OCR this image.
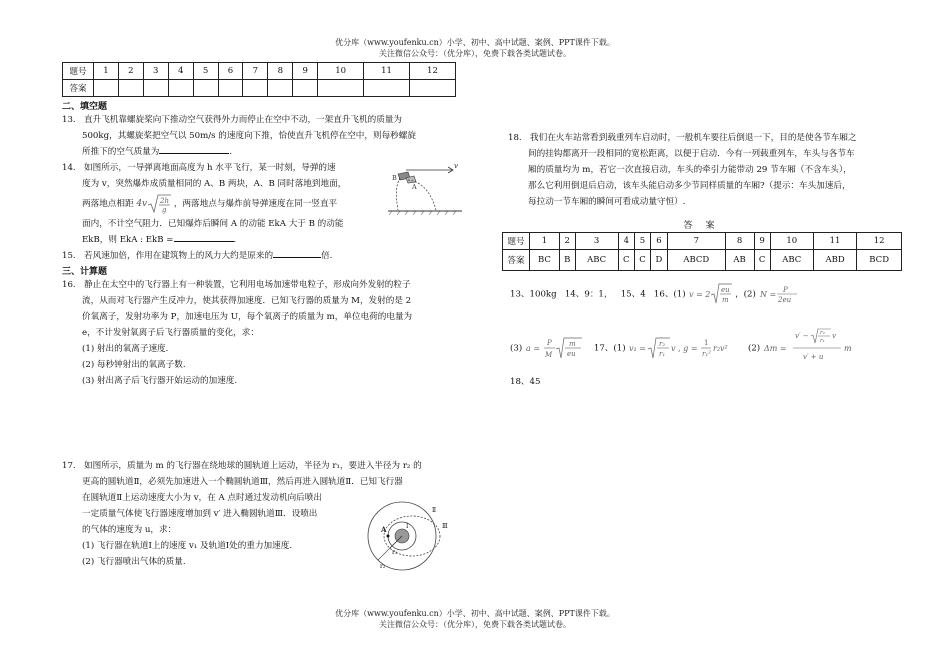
优分库（www.youfenku.cn）小学、初中、高中试题、案例、PPT课件下载。
关注微信公众号：（优分库），免费下载各类试题试卷。
题号	1	2	3	4	5	6	7	8	9	10	11	12
答案												
二、填空题
13. 直升飞机靠螺旋桨向下推动空气获得外力而停止在空中不动，一架直升飞机的质量为
500kg，其螺旋桨把空气以 50m/s 的速度向下推，恰使直升飞机停在空中，则每秒螺旋
所推下的空气质量为	.
14. 如图所示，一导弹离地面高度为 h 水平飞行，某一时刻，导弹的速
度为 v，突然爆炸成质量相同的 A、B 两块，A、B 同时落地到地面，
两落地点相距 4v 2h
g
，两落地点与爆炸前导弹速度在同一竖直平
面内，不计空气阻力．已知爆炸后瞬间 A 的动能 EkA 大于 B 的动能
EkB，则 EkA : EkB =	.
15. 若风速加倍，作用在建筑物上的风力大约是原来的	倍.
三、计算题
16. 静止在太空中的飞行器上有一种装置，它利用电场加速带电粒子，形成向外发射的粒子
流，从而对飞行器产生反冲力，使其获得加速度．已知飞行器的质量为 M，发射的是 2
价氧离子，发射功率为 P，加速电压为 U，每个氧离子的质量为 m，单位电荷的电量为
e，不计发射氧离子后飞行器质量的变化，求：
(1) 射出的氧离子速度.
(2) 每秒钟射出的氧离子数.
(3) 射出离子后飞行器开始运动的加速度.
v
B
A
17. 如图所示，质量为 m 的飞行器在绕地球的圆轨道上运动，半径为 r₁，要进入半径为 r₂ 的
更高的圆轨道Ⅱ，必须先加速进入一个椭圆轨道Ⅲ，然后再进入圆轨道Ⅱ．已知飞行器
在圆轨道Ⅱ上运动速度大小为 v，在 A 点时通过发动机向后喷出
一定质量气体使飞行器速度增加到 v′ 进入椭圆轨道Ⅲ．设喷出
的气体的速度为 u，求：
(1) 飞行器在轨道Ⅰ上的速度 v₁ 及轨道Ⅰ处的重力加速度.
(2) 飞行器喷出气体的质量.
A	Ⅰ
Ⅱ
Ⅲ
r₁
r₂
18. 我们在火车站常看到载重列车启动时，一般机车要往后倒退一下，目的是使各节车厢之
间的挂钩都离开一段相同的宽松距离，以便于启动．今有一列载重列车，车头与各节车
厢的质量均为 m，若它一次直接启动，车头的牵引力能带动 29 节车厢（不含车头），
那么它利用倒退后启动，该车头能启动多少节同样质量的车厢?（提示：车头加速后，
每拉动一节车厢的瞬间可看成动量守恒）.
答　案
题号	1	2	3	4	5	6	7	8	9	10	11	12
答案	BC	B	ABC	C	C	D	ABCD	AB	C	ABC	ABD	BCD
13、100kg 14、9：1， 15、4 16、(1) v = 2 eu
m
，(2) N = P
2eu
(3) a =
P
M
m
eu
17、(1) v₁ = r₂
r₁
v , g =
1
r₁²
r₂v² (2) Δm =
v′ − r₂
r₁
v
v′ + u
m
18、45
优分库（www.youfenku.cn）小学、初中、高中试题、案例、PPT课件下载。
关注微信公众号：（优分库），免费下载各类试题试卷。
